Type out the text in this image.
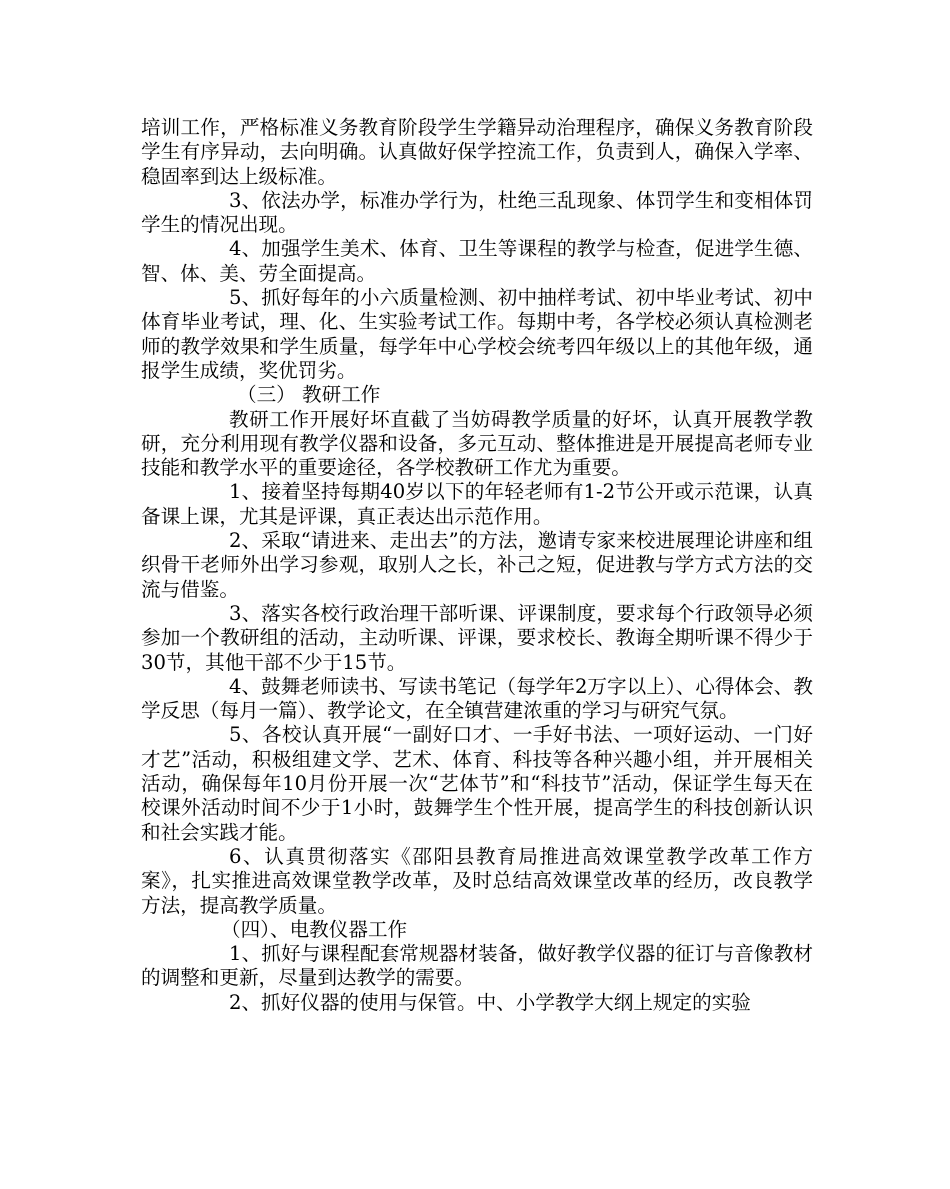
培训工作，严格标准义务教育阶段学生学籍异动治理程序，确保义务教育阶段学生有序异动，去向明确。认真做好保学控流工作，负责到人，确保入学率、稳固率到达上级标准。

3、依法办学，标准办学行为，杜绝三乱现象、体罚学生和变相体罚学生的情况出现。

4、加强学生美术、体育、卫生等课程的教学与检查，促进学生德、智、体、美、劳全面提高。

5、抓好每年的小六质量检测、初中抽样考试、初中毕业考试、初中体育毕业考试，理、化、生实验考试工作。每期中考，各学校必须认真检测老师的教学效果和学生质量，每学年中心学校会统考四年级以上的其他年级，通报学生成绩，奖优罚劣。

（三） 教研工作

教研工作开展好坏直截了当妨碍教学质量的好坏，认真开展教学教研，充分利用现有教学仪器和设备，多元互动、整体推进是开展提高老师专业技能和教学水平的重要途径，各学校教研工作尤为重要。

1、接着坚持每期40岁以下的年轻老师有1-2节公开或示范课，认真备课上课，尤其是评课，真正表达出示范作用。

2、采取“请进来、走出去”的方法，邀请专家来校进展理论讲座和组织骨干老师外出学习参观，取别人之长，补己之短，促进教与学方式方法的交流与借鉴。

3、落实各校行政治理干部听课、评课制度，要求每个行政领导必须参加一个教研组的活动，主动听课、评课，要求校长、教诲全期听课不得少于30节，其他干部不少于15节。

4、鼓舞老师读书、写读书笔记（每学年2万字以上）、心得体会、教学反思（每月一篇）、教学论文，在全镇营建浓重的学习与研究气氛。

5、各校认真开展“一副好口才、一手好书法、一项好运动、一门好才艺”活动，积极组建文学、艺术、体育、科技等各种兴趣小组，并开展相关活动，确保每年10月份开展一次“艺体节”和“科技节”活动，保证学生每天在校课外活动时间不少于1小时，鼓舞学生个性开展，提高学生的科技创新认识和社会实践才能。

6、认真贯彻落实《邵阳县教育局推进高效课堂教学改革工作方案》，扎实推进高效课堂教学改革，及时总结高效课堂改革的经历，改良教学方法，提高教学质量。

（四）、电教仪器工作

1、抓好与课程配套常规器材装备，做好教学仪器的征订与音像教材的调整和更新，尽量到达教学的需要。

2、抓好仪器的使用与保管。中、小学教学大纲上规定的实验
